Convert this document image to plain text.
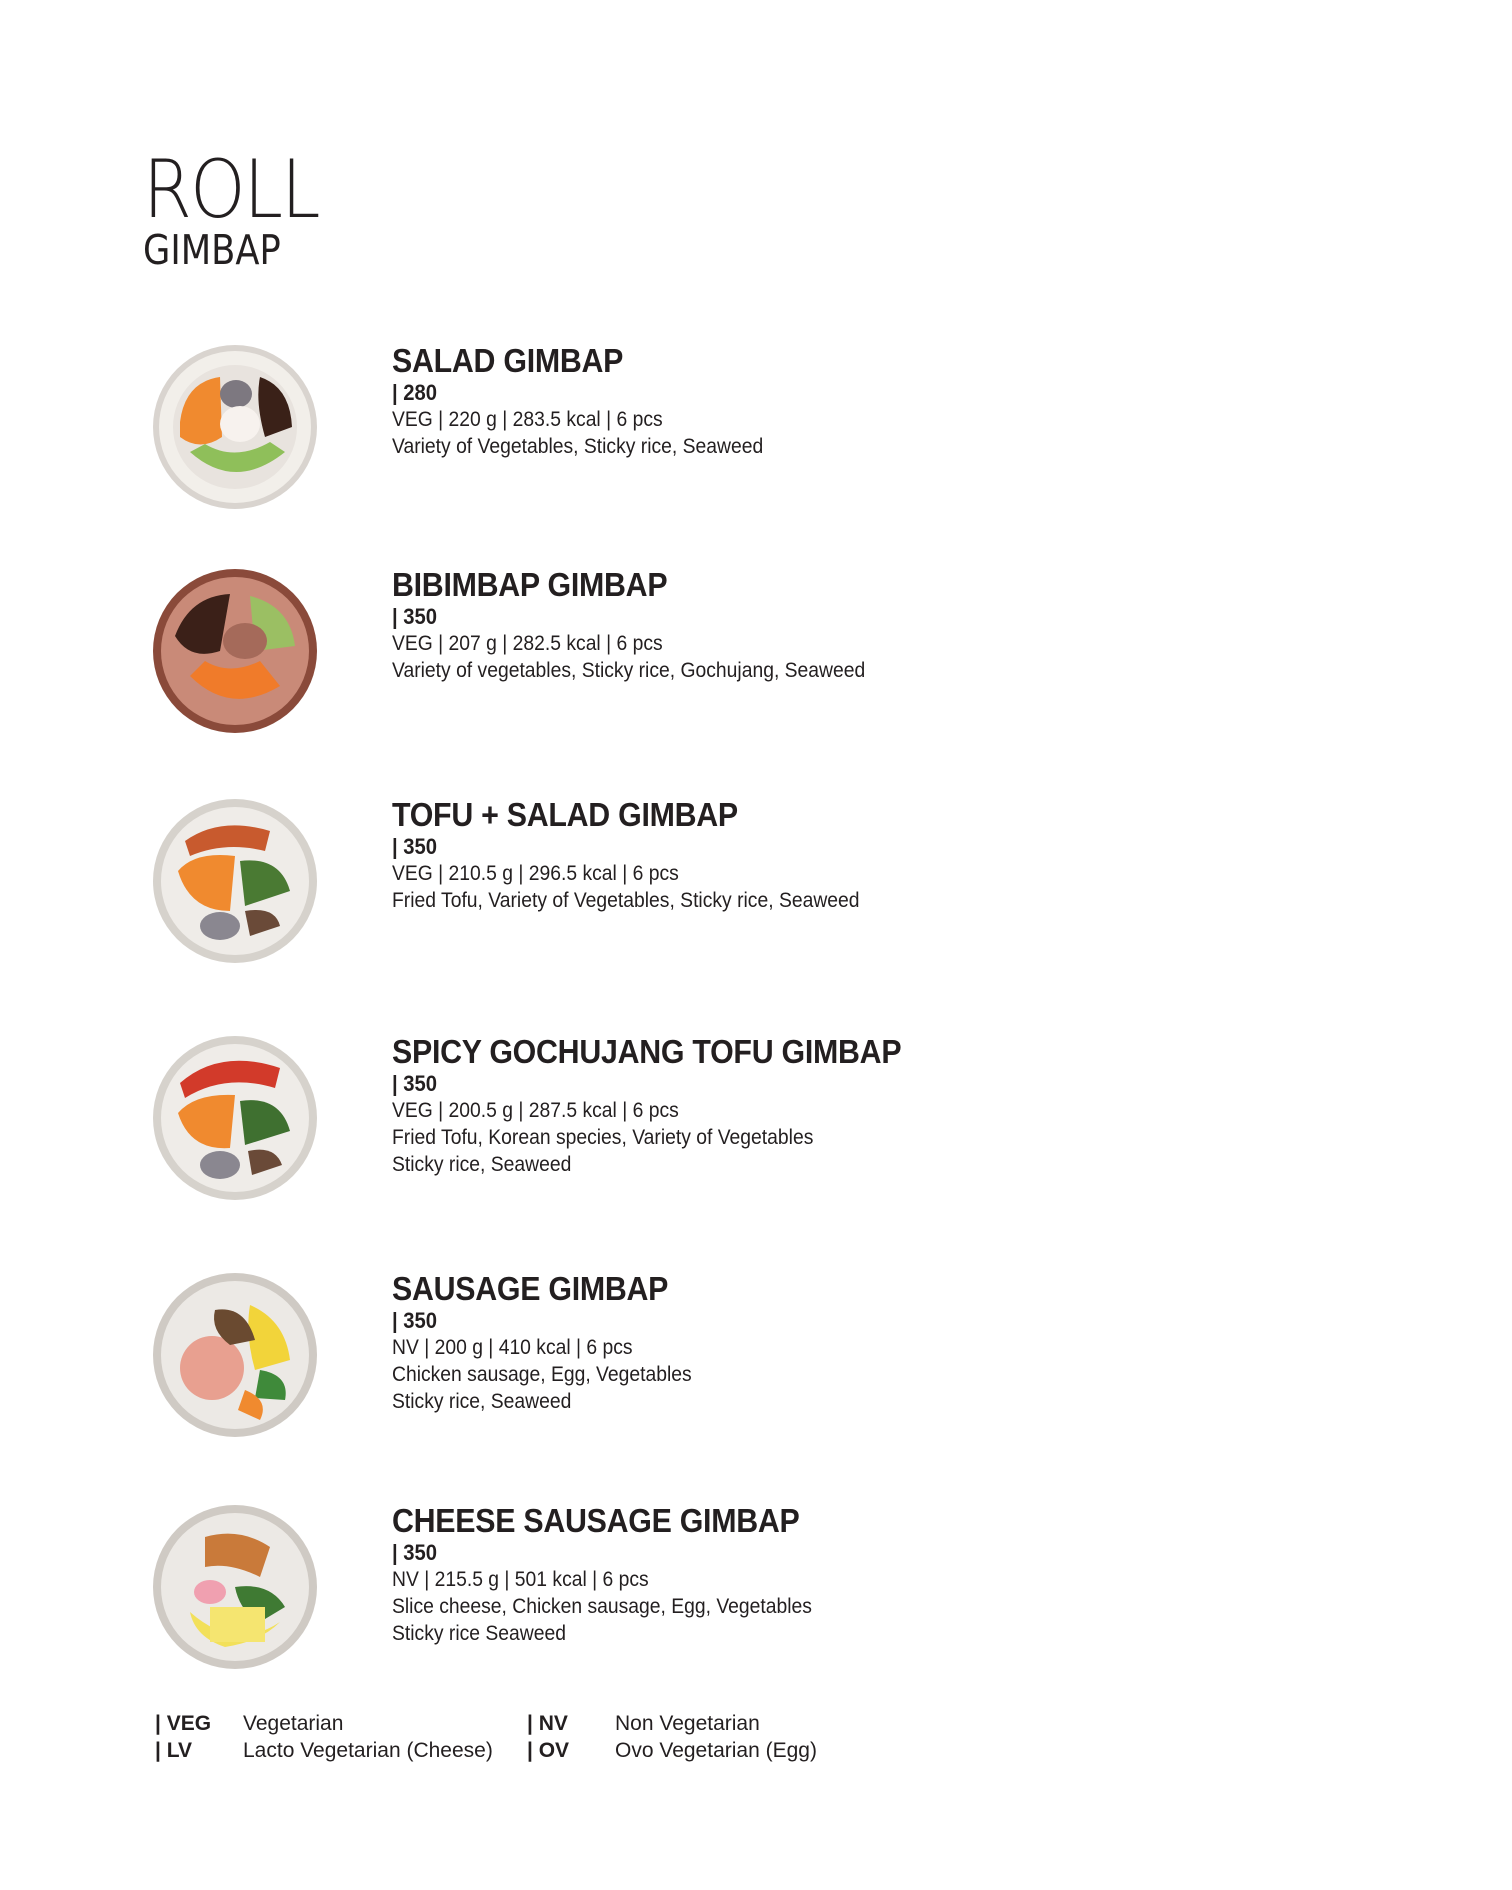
ROLL
GIMBAP
SALAD GIMBAP
| 280
VEG | 220 g | 283.5 kcal | 6 pcs
Variety of Vegetables, Sticky rice, Seaweed
BIBIMBAP GIMBAP
| 350
VEG | 207 g | 282.5 kcal | 6 pcs
Variety of vegetables, Sticky rice, Gochujang, Seaweed
TOFU + SALAD GIMBAP
| 350
VEG | 210.5 g | 296.5 kcal | 6 pcs
Fried Tofu, Variety of Vegetables, Sticky rice, Seaweed
SPICY GOCHUJANG TOFU GIMBAP
| 350
VEG | 200.5 g | 287.5 kcal | 6 pcs
Fried Tofu, Korean species, Variety of Vegetables
Sticky rice, Seaweed
SAUSAGE GIMBAP
| 350
NV | 200 g | 410 kcal | 6 pcs
Chicken sausage, Egg, Vegetables
Sticky rice, Seaweed
CHEESE SAUSAGE GIMBAP
| 350
NV | 215.5 g | 501 kcal | 6 pcs
Slice cheese, Chicken sausage, Egg, Vegetables
Sticky rice Seaweed
| VEG Vegetarian	| NV Non Vegetarian
| LV Lacto Vegetarian (Cheese) | OV Ovo Vegetarian (Egg)
